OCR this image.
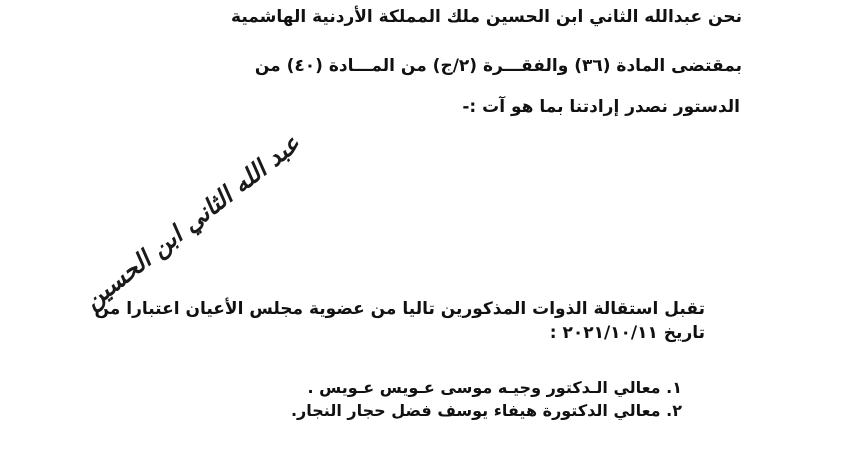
نحن عبدالله الثاني ابن الحسين ملك المملكة الأردنية الهاشمية
بمقتضى المادة (٣٦) والفقـــرة (٢/ج) من المـــادة (٤٠) من
الدستور نصدر إرادتنا بما هو آت :-
عبد الله الثاني ابن الحسين
تقبل استقالة الذوات المذكورين تاليا من عضوية مجلس الأعيان اعتبارا من
تاريخ ٢٠٢١/١٠/١١ :
١. معالي الـدكتور وجيـه موسى عـويس عـويس .
٢. معالي الدكتورة هيفاء يوسف فضل حجار النجار.
